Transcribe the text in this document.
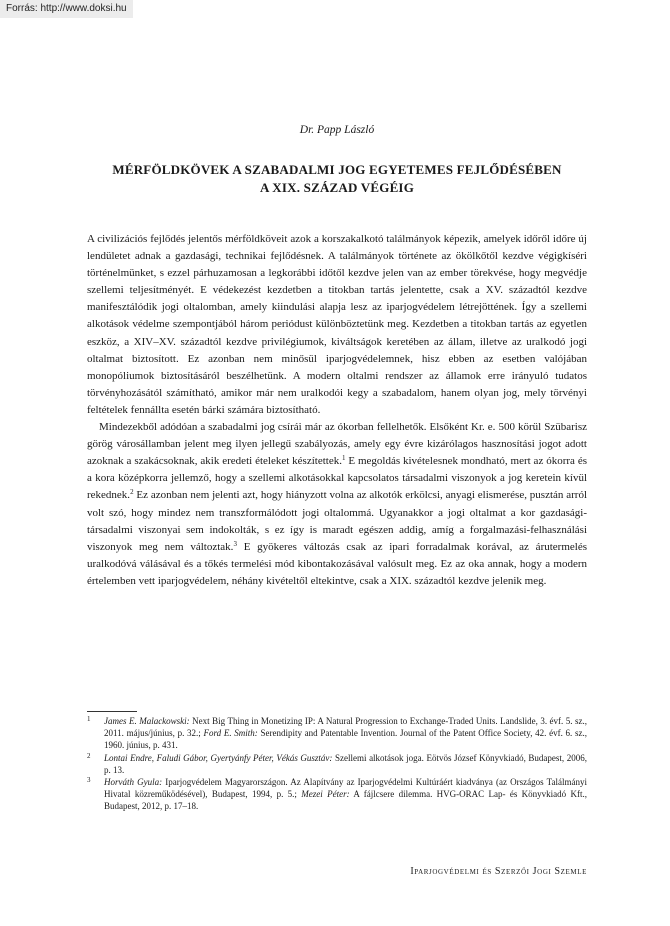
Forrás: http://www.doksi.hu
Dr. Papp László
MÉRFÖLDKÖVEK A SZABADALMI JOG EGYETEMES FEJLŐDÉSÉBEN
A XIX. SZÁZAD VÉGÉIG

A civilizációs fejlődés jelentős mérföldköveit azok a korszakalkotó találmányok képezik, amelyek időről időre új lendületet adnak a gazdasági, technikai fejlődésnek. A találmányok története az ökölkőtől kezdve végigkíséri történelmünket, s ezzel párhuzamosan a legkorábbi időtől kezdve jelen van az ember törekvése, hogy megvédje szellemi teljesítményét. E védekezést kezdetben a titokban tartás jelentette, csak a XV. századtól kezdve manifesztálódik jogi oltalomban, amely kiindulási alapja lesz az iparjogvédelem létrejöttének. Így a szellemi alkotások védelme szempontjából három periódust különböztetünk meg. Kezdetben a titokban tartás az egyetlen eszköz, a XIV–XV. századtól kezdve privilégiumok, kiváltságok keretében az állam, illetve az uralkodó jogi oltalmat biztosított. Ez azonban nem minősül iparjogvédelemnek, hisz ebben az esetben valójában monopóliumok biztosításáról beszélhetünk. A modern oltalmi rendszer az államok erre irányuló tudatos törvényhozásától számítható, amikor már nem uralkodói kegy a szabadalom, hanem olyan jog, mely törvényi feltételek fennállta esetén bárki számára biztosítható.

Mindezekből adódóan a szabadalmi jog csírái már az ókorban fellelhetők. Elsőként Kr. e. 500 körül Szübarisz görög városállamban jelent meg ilyen jellegű szabályozás, amely egy évre kizárólagos hasznosítási jogot adott azoknak a szakácsoknak, akik eredeti ételeket készítettek.$^1$ E megoldás kivételesnek mondható, mert az ókorra és a kora középkorra jellemző, hogy a szellemi alkotásokkal kapcsolatos társadalmi viszonyok a jog keretein kívül rekednek.$^2$ Ez azonban nem jelenti azt, hogy hiányzott volna az alkotók erkölcsi, anyagi elismerése, pusztán arról volt szó, hogy mindez nem transzformálódott jogi oltalommá. Ugyanakkor a jogi oltalmat a kor gazdasági-társadalmi viszonyai sem indokolták, s ez így is maradt egészen addig, amíg a forgalmazási-felhasználási viszonyok meg nem változtak.$^3$ E gyökeres változás csak az ipari forradalmak korával, az árutermelés uralkodóvá válásával és a tőkés termelési mód kibontakozásával valósult meg. Ez az oka annak, hogy a modern értelemben vett iparjogvédelem, néhány kivételtől eltekintve, csak a XIX. századtól kezdve jelenik meg.

1 James E. Malackowski: Next Big Thing in Monetizing IP: A Natural Progression to Exchange-Traded Units. Landslide, 3. évf. 5. sz., 2011. május/június, p. 32.; Ford E. Smith: Serendipity and Patentable Invention. Journal of the Patent Office Society, 42. évf. 6. sz., 1960. június, p. 431.
2 Lontai Endre, Faludi Gábor, Gyertyánfy Péter, Vékás Gusztáv: Szellemi alkotások joga. Eötvös József Könyvkiadó, Budapest, 2006, p. 13.
3 Horváth Gyula: Iparjogvédelem Magyarországon. Az Alapítvány az Iparjogvédelmi Kultúráért kiadványa (az Országos Találmányi Hivatal közreműködésével), Budapest, 1994, p. 5.; Mezei Péter: A fájlcsere dilemma. HVG-ORAC Lap- és Könyvkiadó Kft., Budapest, 2012, p. 17–18.
Iparjogvédelmi és Szerzői Jogi Szemle
